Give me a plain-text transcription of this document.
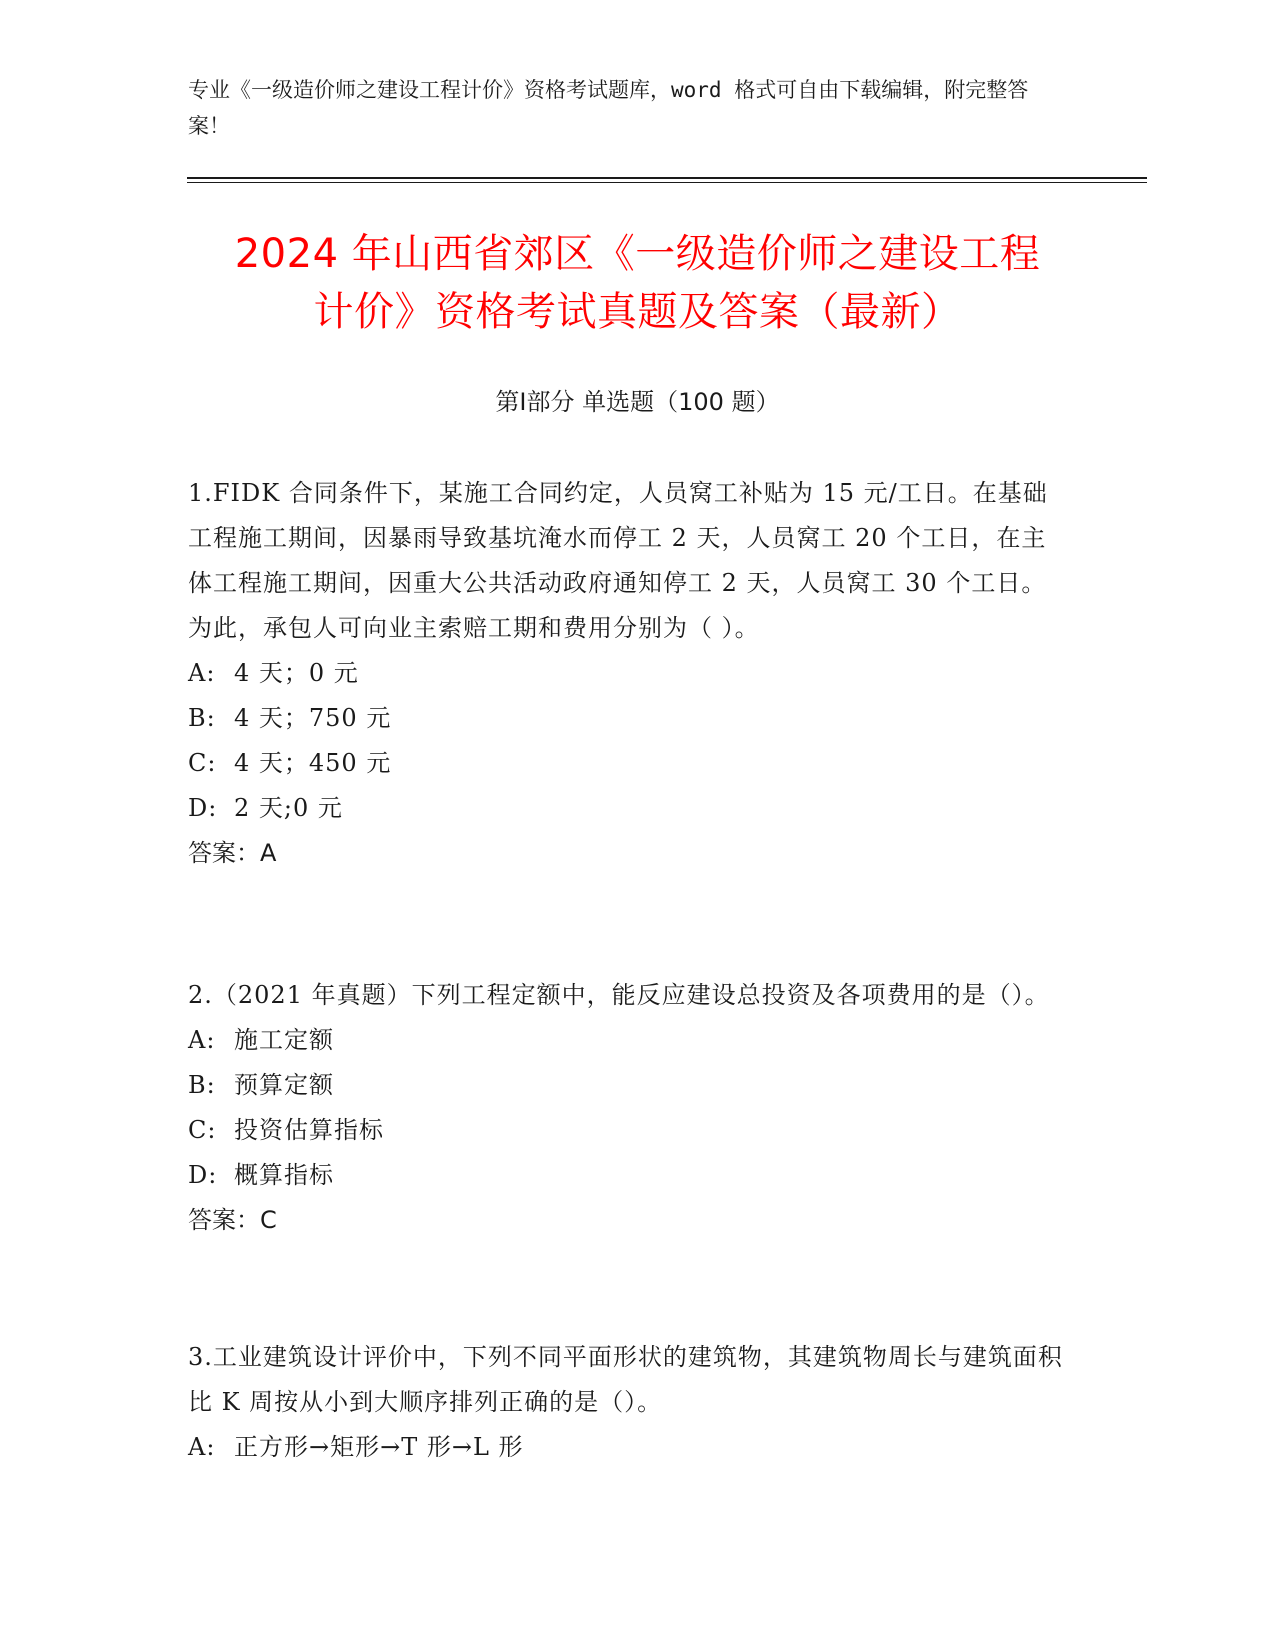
专业《一级造价师之建设工程计价》资格考试题库，word 格式可自由下载编辑，附完整答案！
2024 年山西省郊区《一级造价师之建设工程
计价》资格考试真题及答案（最新）
第Ⅰ部分 单选题（100 题）
1.FIDK 合同条件下，某施工合同约定，人员窝工补贴为 15 元/工日。在基础工程施工期间，因暴雨导致基坑淹水而停工 2 天，人员窝工 20 个工日，在主体工程施工期间，因重大公共活动政府通知停工 2 天，人员窝工 30 个工日。为此，承包人可向业主索赔工期和费用分别为（ ）。
A: 4 天；0 元
B: 4 天；750 元
C: 4 天；450 元
D: 2 天;0 元
答案：A
2.（2021 年真题）下列工程定额中，能反应建设总投资及各项费用的是（）。
A: 施工定额
B: 预算定额
C: 投资估算指标
D: 概算指标
答案：C
3.工业建筑设计评价中，下列不同平面形状的建筑物，其建筑物周长与建筑面积比 K 周按从小到大顺序排列正确的是（）。
A: 正方形→矩形→T 形→L 形
